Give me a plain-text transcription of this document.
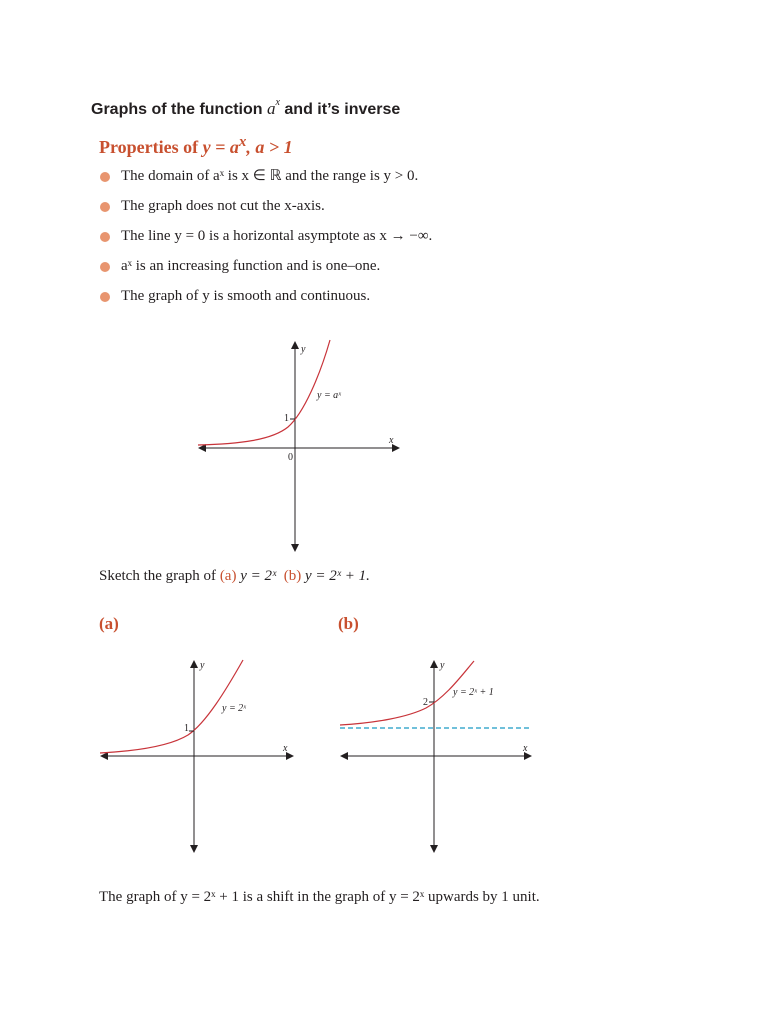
Graphs of the function $a^x$ and it’s inverse
Properties of $y = a^x$, a > 1
The domain of aˣ is x ∈ ℝ and the range is y > 0.
The graph does not cut the x-axis.
The line y = 0 is a horizontal asymptote as x → −∞.
aˣ is an increasing function and is one–one.
The graph of y is smooth and continuous.
y
x
y = aˣ
1
0
Sketch the graph of (a) y = 2ˣ (b) y = 2ˣ + 1.
(a)	(b)
y
x
y = 2ˣ
1
y
x
y = 2ˣ + 1
2
The graph of y = 2ˣ + 1 is a shift in the graph of y = 2ˣ upwards by 1 unit.
